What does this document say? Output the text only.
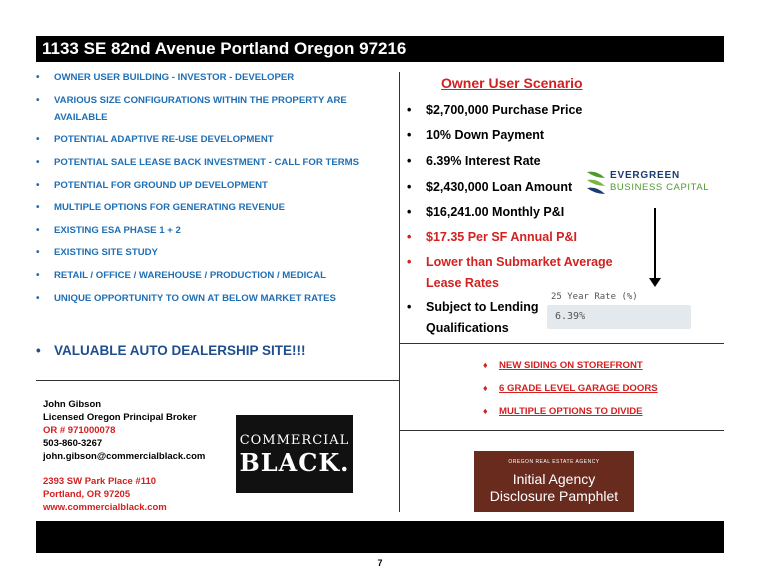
1133 SE 82nd Avenue Portland Oregon 97216
• OWNER USER BUILDING - INVESTOR - DEVELOPER
• VARIOUS SIZE CONFIGURATIONS WITHIN THE PROPERTY ARE AVAILABLE
• POTENTIAL ADAPTIVE RE-USE DEVELOPMENT
• POTENTIAL SALE LEASE BACK INVESTMENT - CALL FOR TERMS
• POTENTIAL FOR GROUND UP DEVELOPMENT
• MULTIPLE OPTIONS FOR GENERATING REVENUE
• EXISTING ESA PHASE 1 + 2
• EXISTING SITE STUDY
• RETAIL / OFFICE / WAREHOUSE / PRODUCTION / MEDICAL
• UNIQUE OPPORTUNITY TO OWN AT BELOW MARKET RATES
• VALUABLE AUTO DEALERSHIP SITE!!!
Owner User Scenario
• $2,700,000 Purchase Price
• 10% Down Payment
• 6.39% Interest Rate
• $2,430,000 Loan Amount
• $16,241.00 Monthly P&I
• $17.35 Per SF Annual P&I
• Lower than Submarket Average
Lease Rates
• Subject to Lending
Qualifications
EVERGREEN
BUSINESS CAPITAL
25 Year Rate (%)
6.39%
♦ NEW SIDING ON STOREFRONT
♦ 6 GRADE LEVEL GARAGE DOORS
♦ MULTIPLE OPTIONS TO DIVIDE
John Gibson
Licensed Oregon Principal Broker
OR # 971000078
503-860-3267
john.gibson@commercialblack.com
2393 SW Park Place #110
Portland, OR 97205
www.commercialblack.com
COMMERCIAL
BLACK.	OREGON REAL ESTATE AGENCY
Initial Agency
Disclosure Pamphlet
7
